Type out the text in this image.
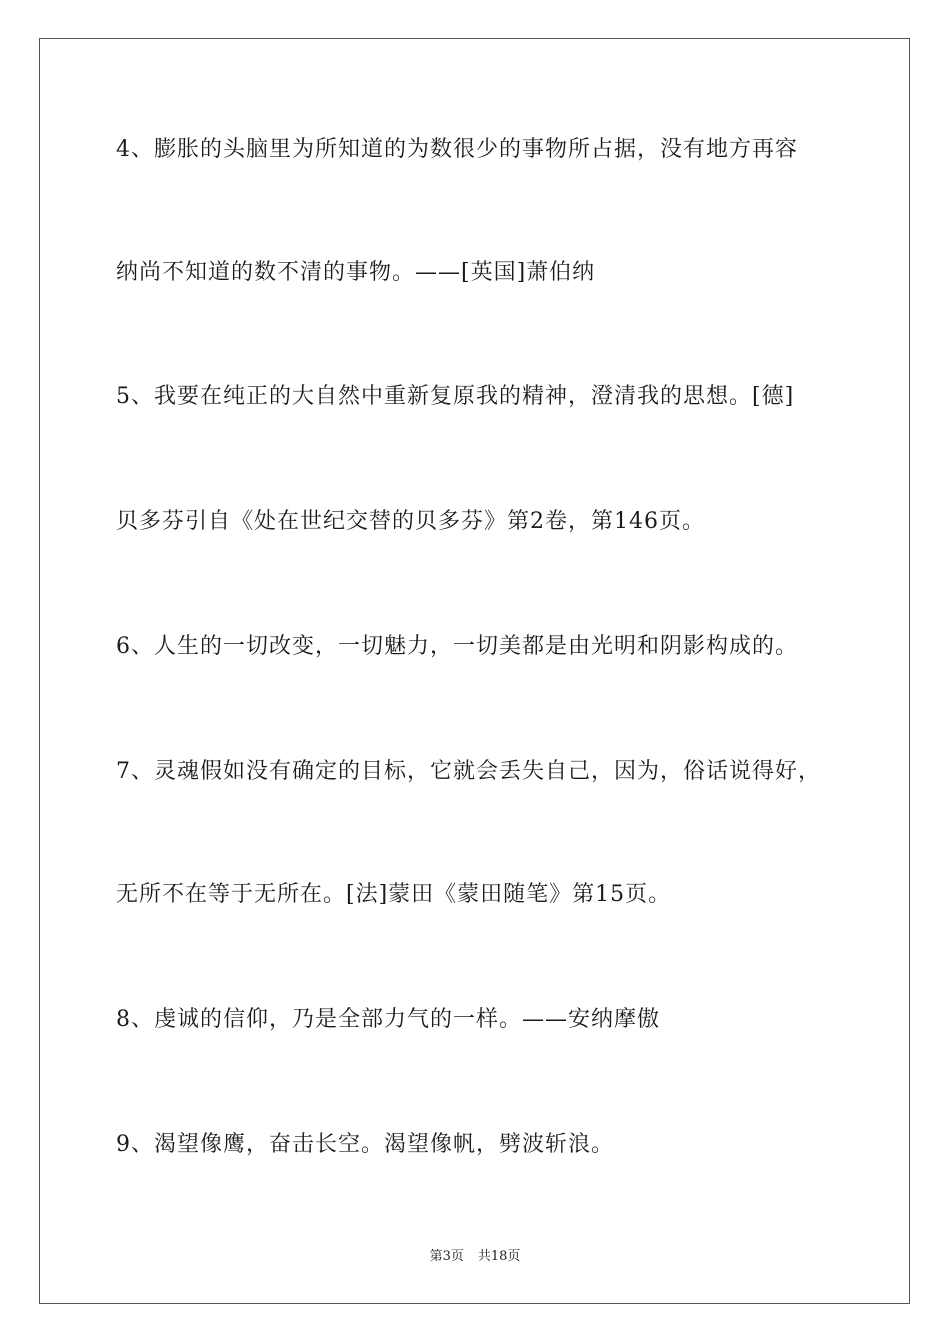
4、膨胀的头脑里为所知道的为数很少的事物所占据，没有地方再容
纳尚不知道的数不清的事物。——[英国]萧伯纳
5、我要在纯正的大自然中重新复原我的精神，澄清我的思想。[德]
贝多芬引自《处在世纪交替的贝多芬》第2卷，第146页。
6、人生的一切改变，一切魅力，一切美都是由光明和阴影构成的。
7、灵魂假如没有确定的目标，它就会丢失自己，因为，俗话说得好，
无所不在等于无所在。[法]蒙田《蒙田随笔》第15页。
8、虔诚的信仰，乃是全部力气的一样。——安纳摩傲
9、渴望像鹰，奋击长空。渴望像帆，劈波斩浪。
第3页 共18页
